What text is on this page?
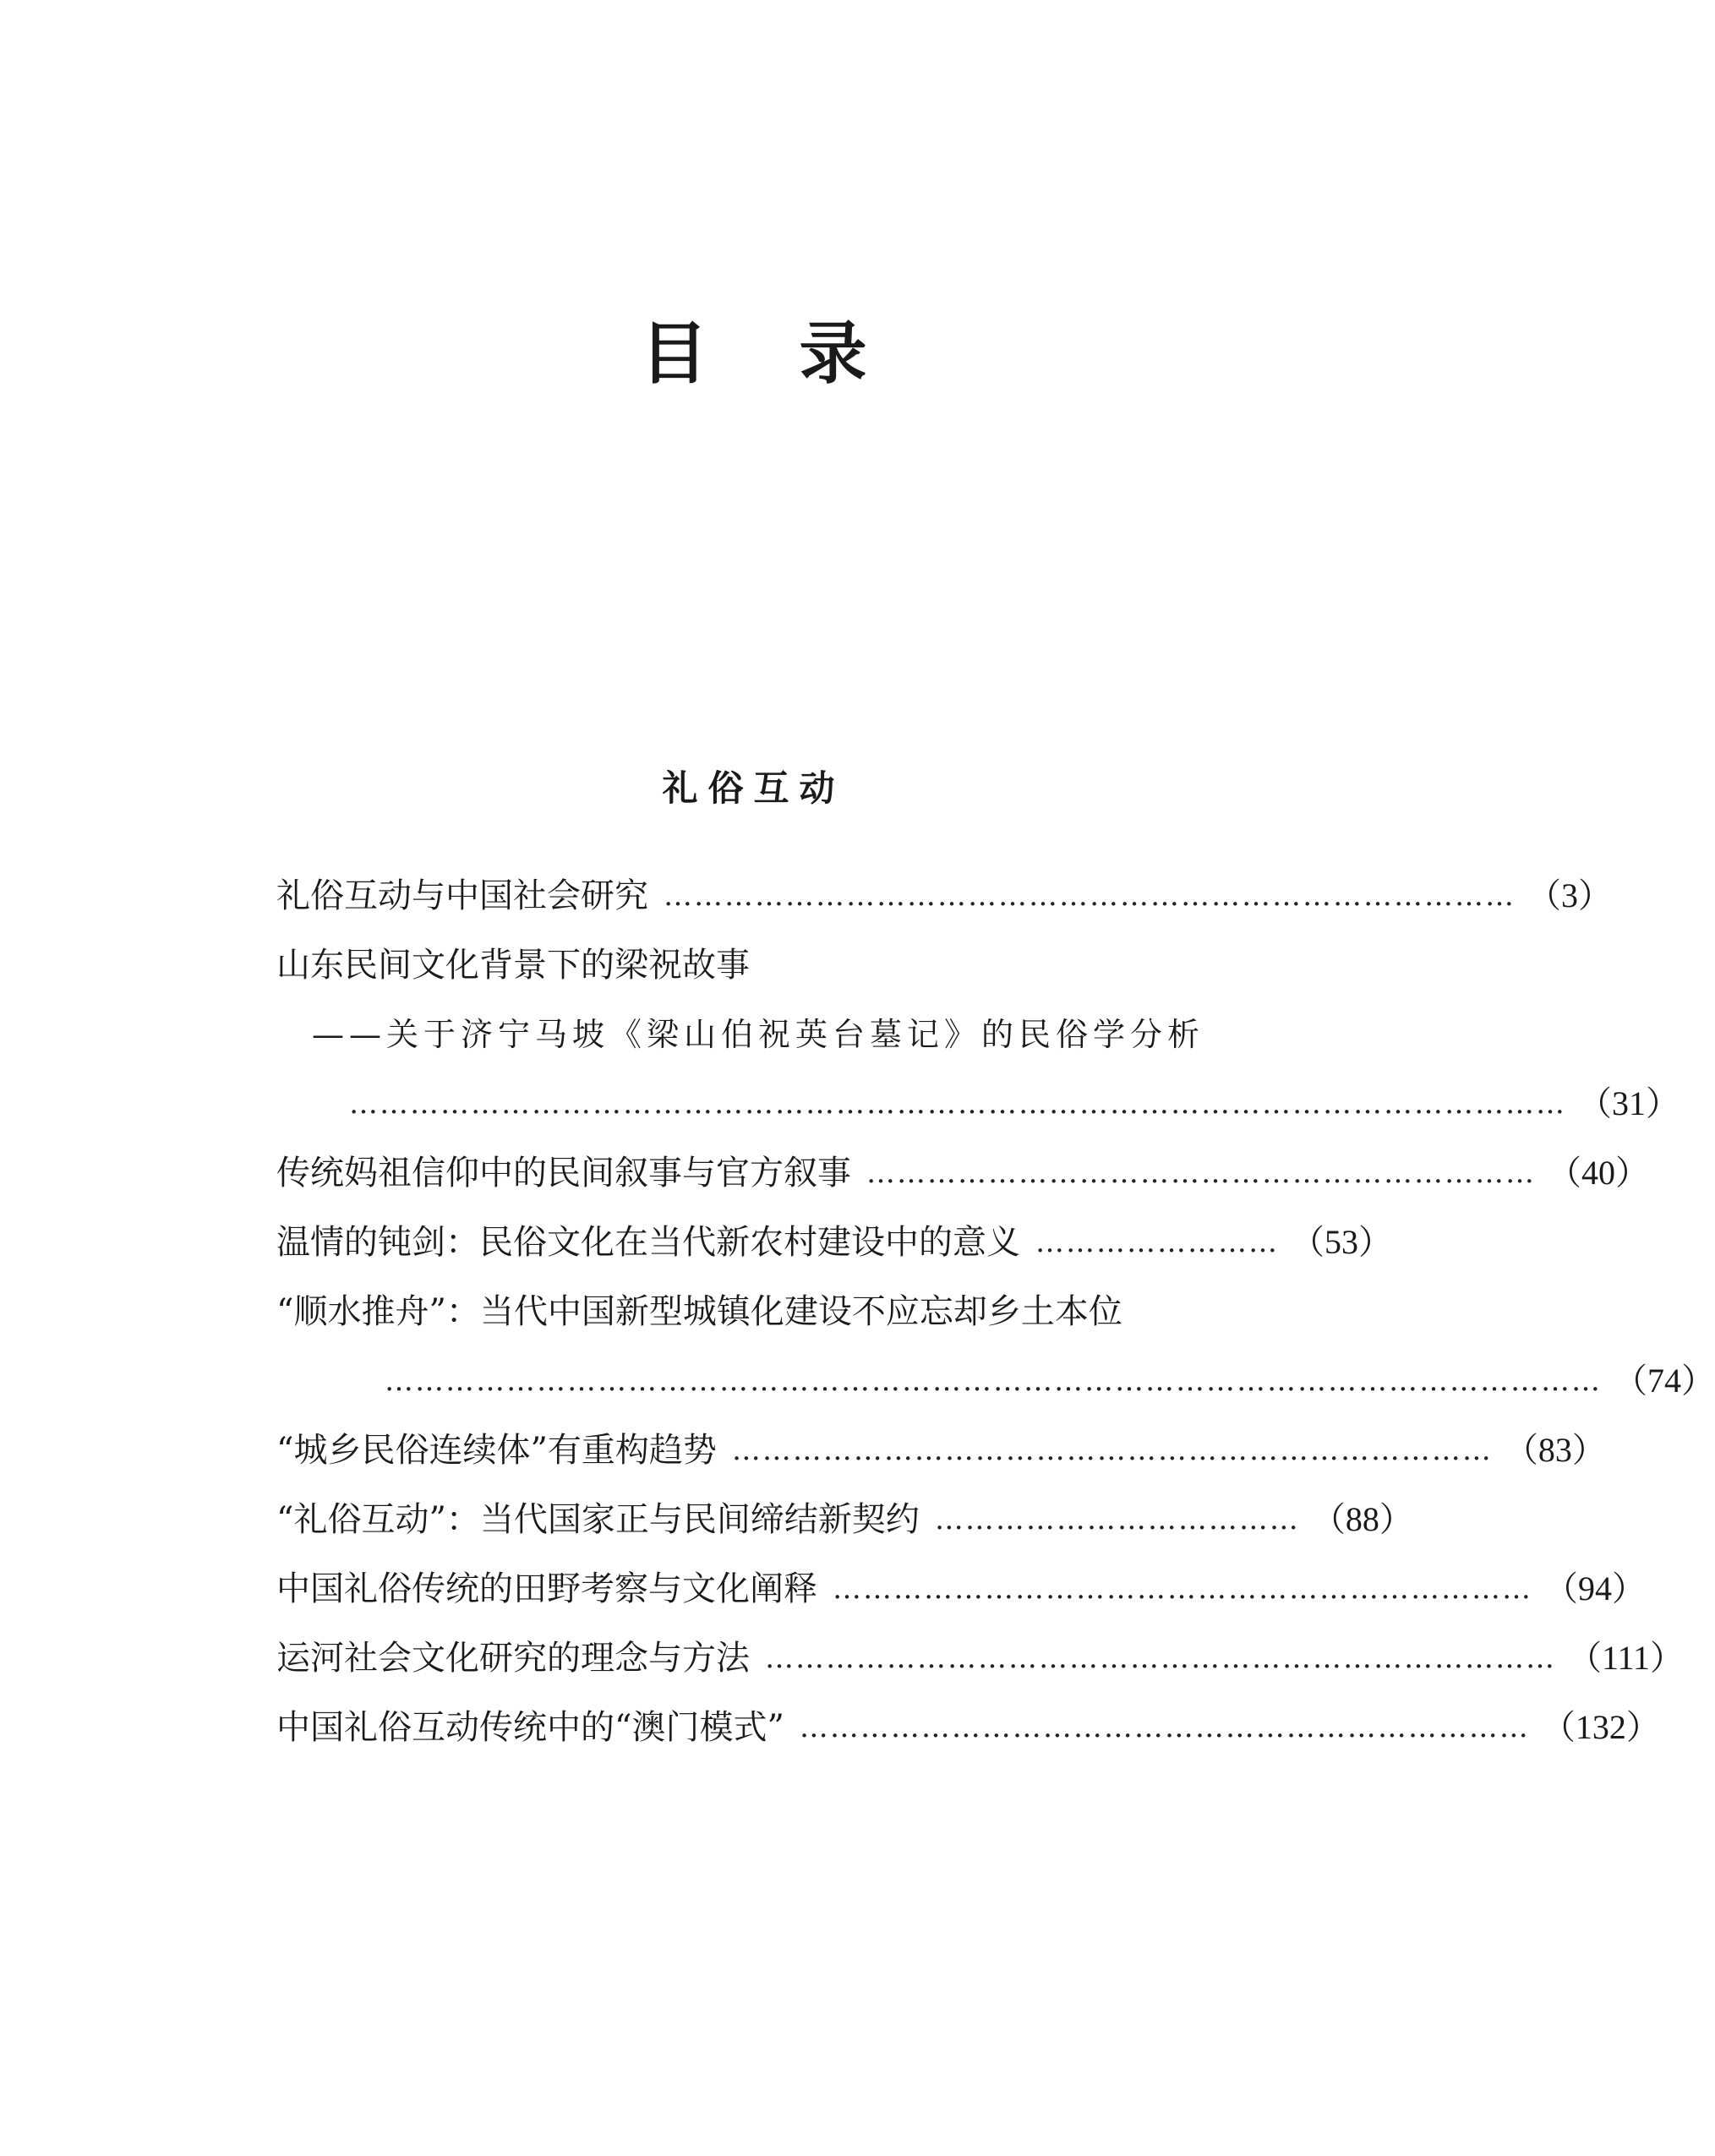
目 录
礼俗互动
礼俗互动与中国社会研究 ………………………………………………………………………… （3）
山东民间文化背景下的梁祝故事
——关于济宁马坡《梁山伯祝英台墓记》的民俗学分析
………………………………………………………………………………………………………… （31）
传统妈祖信仰中的民间叙事与官方叙事 ………………………………………………………… （40）
温情的钝剑：民俗文化在当代新农村建设中的意义 …………………… （53）
“顺水推舟”：当代中国新型城镇化建设不应忘却乡土本位
………………………………………………………………………………………………………… （74）
“城乡民俗连续体”有重构趋势 ………………………………………………………………… （83）
“礼俗互动”：当代国家正与民间缔结新契约 ……………………………… （88）
中国礼俗传统的田野考察与文化阐释 …………………………………………………………… （94）
运河社会文化研究的理念与方法 …………………………………………………………………… （111）
中国礼俗互动传统中的“澳门模式” ……………………………………………………………… （132）
